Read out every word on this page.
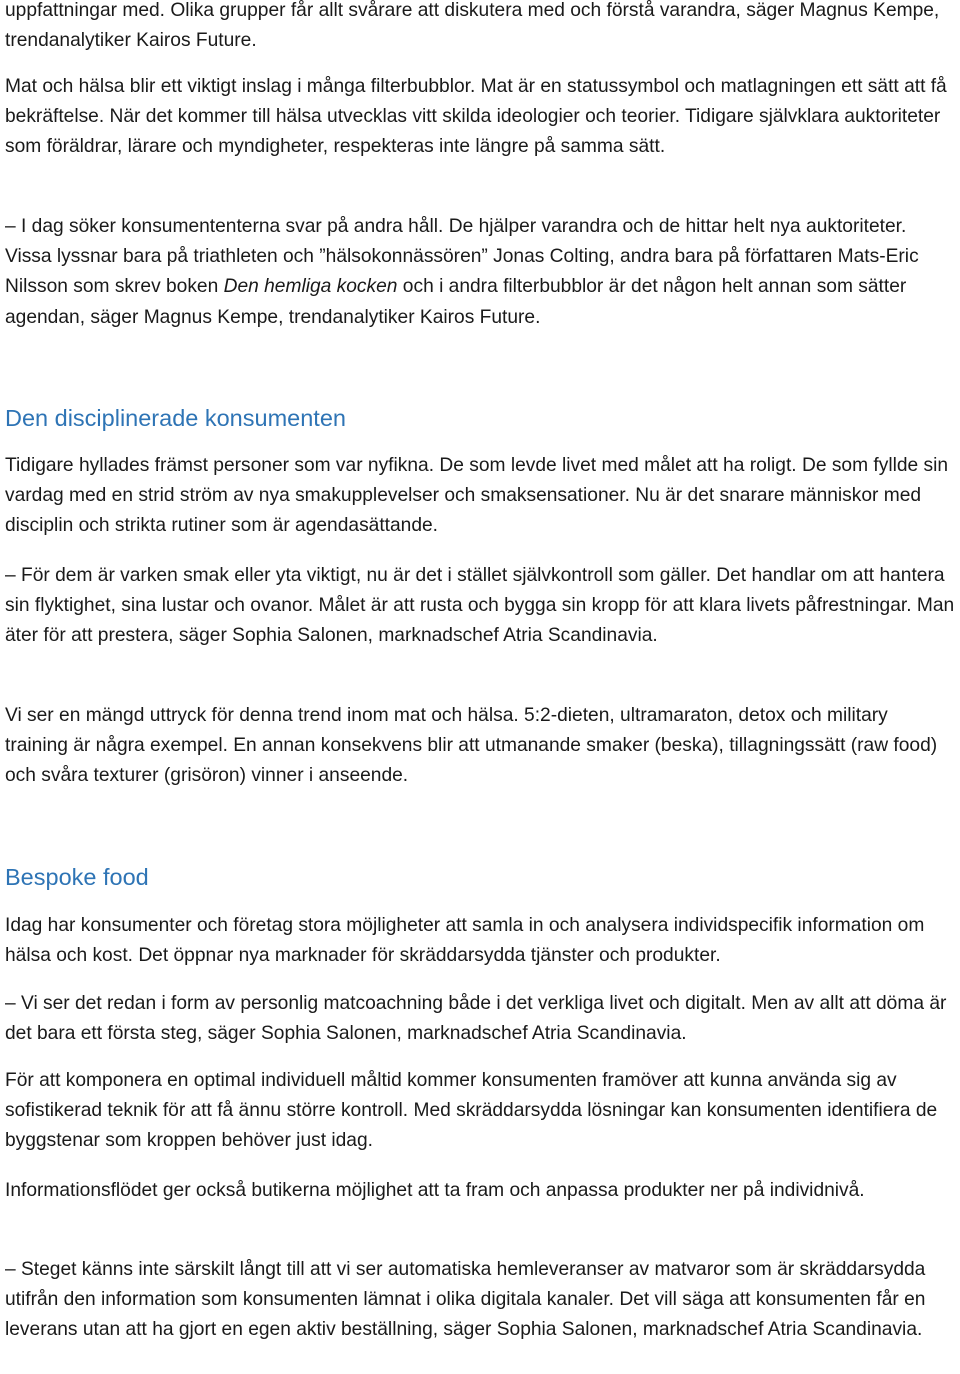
uppfattningar med. Olika grupper får allt svårare att diskutera med och förstå varandra, säger Magnus Kempe, trendanalytiker Kairos Future.

Mat och hälsa blir ett viktigt inslag i många filterbubblor. Mat är en statussymbol och matlagningen ett sätt att få bekräftelse. När det kommer till hälsa utvecklas vitt skilda ideologier och teorier. Tidigare självklara auktoriteter som föräldrar, lärare och myndigheter, respekteras inte längre på samma sätt.

– I dag söker konsumententerna svar på andra håll. De hjälper varandra och de hittar helt nya auktoriteter. Vissa lyssnar bara på triathleten och ”hälsokonnässören” Jonas Colting, andra bara på författaren Mats-Eric Nilsson som skrev boken Den hemliga kocken och i andra filterbubblor är det någon helt annan som sätter agendan, säger Magnus Kempe, trendanalytiker Kairos Future.

Den disciplinerade konsumenten

Tidigare hyllades främst personer som var nyfikna. De som levde livet med målet att ha roligt. De som fyllde sin vardag med en strid ström av nya smakupplevelser och smaksensationer. Nu är det snarare människor med disciplin och strikta rutiner som är agendasättande.

– För dem är varken smak eller yta viktigt, nu är det i stället självkontroll som gäller. Det handlar om att hantera sin flyktighet, sina lustar och ovanor. Målet är att rusta och bygga sin kropp för att klara livets påfrestningar. Man äter för att prestera, säger Sophia Salonen, marknadschef Atria Scandinavia.

Vi ser en mängd uttryck för denna trend inom mat och hälsa. 5:2-dieten, ultramaraton, detox och military training är några exempel. En annan konsekvens blir att utmanande smaker (beska), tillagningssätt (raw food) och svåra texturer (grisöron) vinner i anseende.

Bespoke food

Idag har konsumenter och företag stora möjligheter att samla in och analysera individspecifik information om hälsa och kost. Det öppnar nya marknader för skräddarsydda tjänster och produkter.

– Vi ser det redan i form av personlig matcoachning både i det verkliga livet och digitalt. Men av allt att döma är det bara ett första steg, säger Sophia Salonen, marknadschef Atria Scandinavia.

För att komponera en optimal individuell måltid kommer konsumenten framöver att kunna använda sig av sofistikerad teknik för att få ännu större kontroll. Med skräddarsydda lösningar kan konsumenten identifiera de byggstenar som kroppen behöver just idag.

Informationsflödet ger också butikerna möjlighet att ta fram och anpassa produkter ner på individnivå.

– Steget känns inte särskilt långt till att vi ser automatiska hemleveranser av matvaror som är skräddarsydda utifrån den information som konsumenten lämnat i olika digitala kanaler. Det vill säga att konsumenten får en leverans utan att ha gjort en egen aktiv beställning, säger Sophia Salonen, marknadschef Atria Scandinavia.
